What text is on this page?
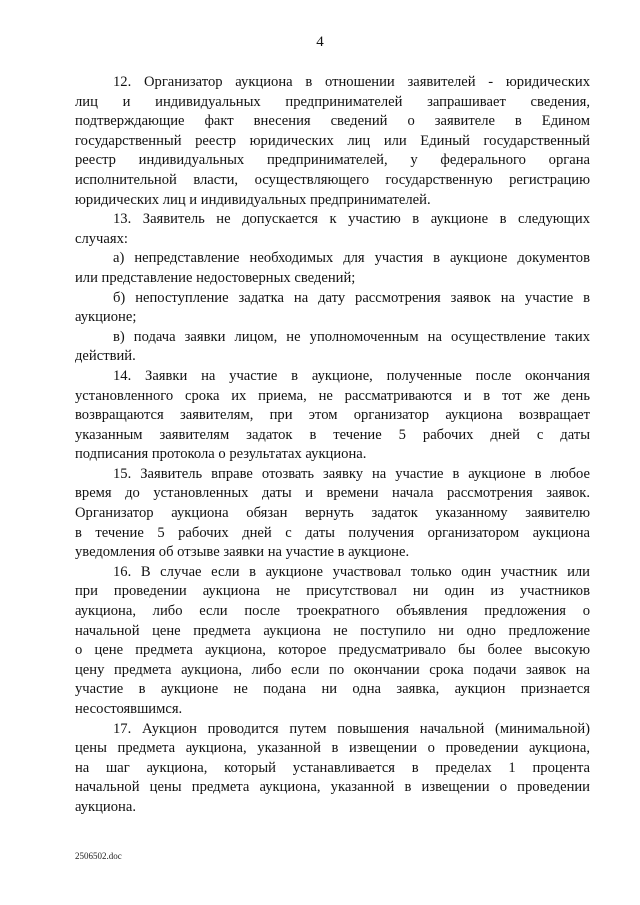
4
12. Организатор аукциона в отношении заявителей - юридических
лиц и индивидуальных предпринимателей запрашивает сведения,
подтверждающие факт внесения сведений о заявителе в Едином
государственный реестр юридических лиц или Единый государственный
реестр индивидуальных предпринимателей, у федерального органа
исполнительной власти, осуществляющего государственную регистрацию
юридических лиц и индивидуальных предпринимателей.
13. Заявитель не допускается к участию в аукционе в следующих
случаях:
а) непредставление необходимых для участия в аукционе документов
или представление недостоверных сведений;
б) непоступление задатка на дату рассмотрения заявок на участие в
аукционе;
в) подача заявки лицом, не уполномоченным на осуществление таких
действий.
14. Заявки на участие в аукционе, полученные после окончания
установленного срока их приема, не рассматриваются и в тот же день
возвращаются заявителям, при этом организатор аукциона возвращает
указанным заявителям задаток в течение 5 рабочих дней с даты
подписания протокола о результатах аукциона.
15. Заявитель вправе отозвать заявку на участие в аукционе в любое
время до установленных даты и времени начала рассмотрения заявок.
Организатор аукциона обязан вернуть задаток указанному заявителю
в течение 5 рабочих дней с даты получения организатором аукциона
уведомления об отзыве заявки на участие в аукционе.
16. В случае если в аукционе участвовал только один участник или
при проведении аукциона не присутствовал ни один из участников
аукциона, либо если после троекратного объявления предложения о
начальной цене предмета аукциона не поступило ни одно предложение
о цене предмета аукциона, которое предусматривало бы более высокую
цену предмета аукциона, либо если по окончании срока подачи заявок на
участие в аукционе не подана ни одна заявка, аукцион признается
несостоявшимся.
17. Аукцион проводится путем повышения начальной (минимальной)
цены предмета аукциона, указанной в извещении о проведении аукциона,
на шаг аукциона, который устанавливается в пределах 1 процента
начальной цены предмета аукциона, указанной в извещении о проведении
аукциона.
2506502.doc
